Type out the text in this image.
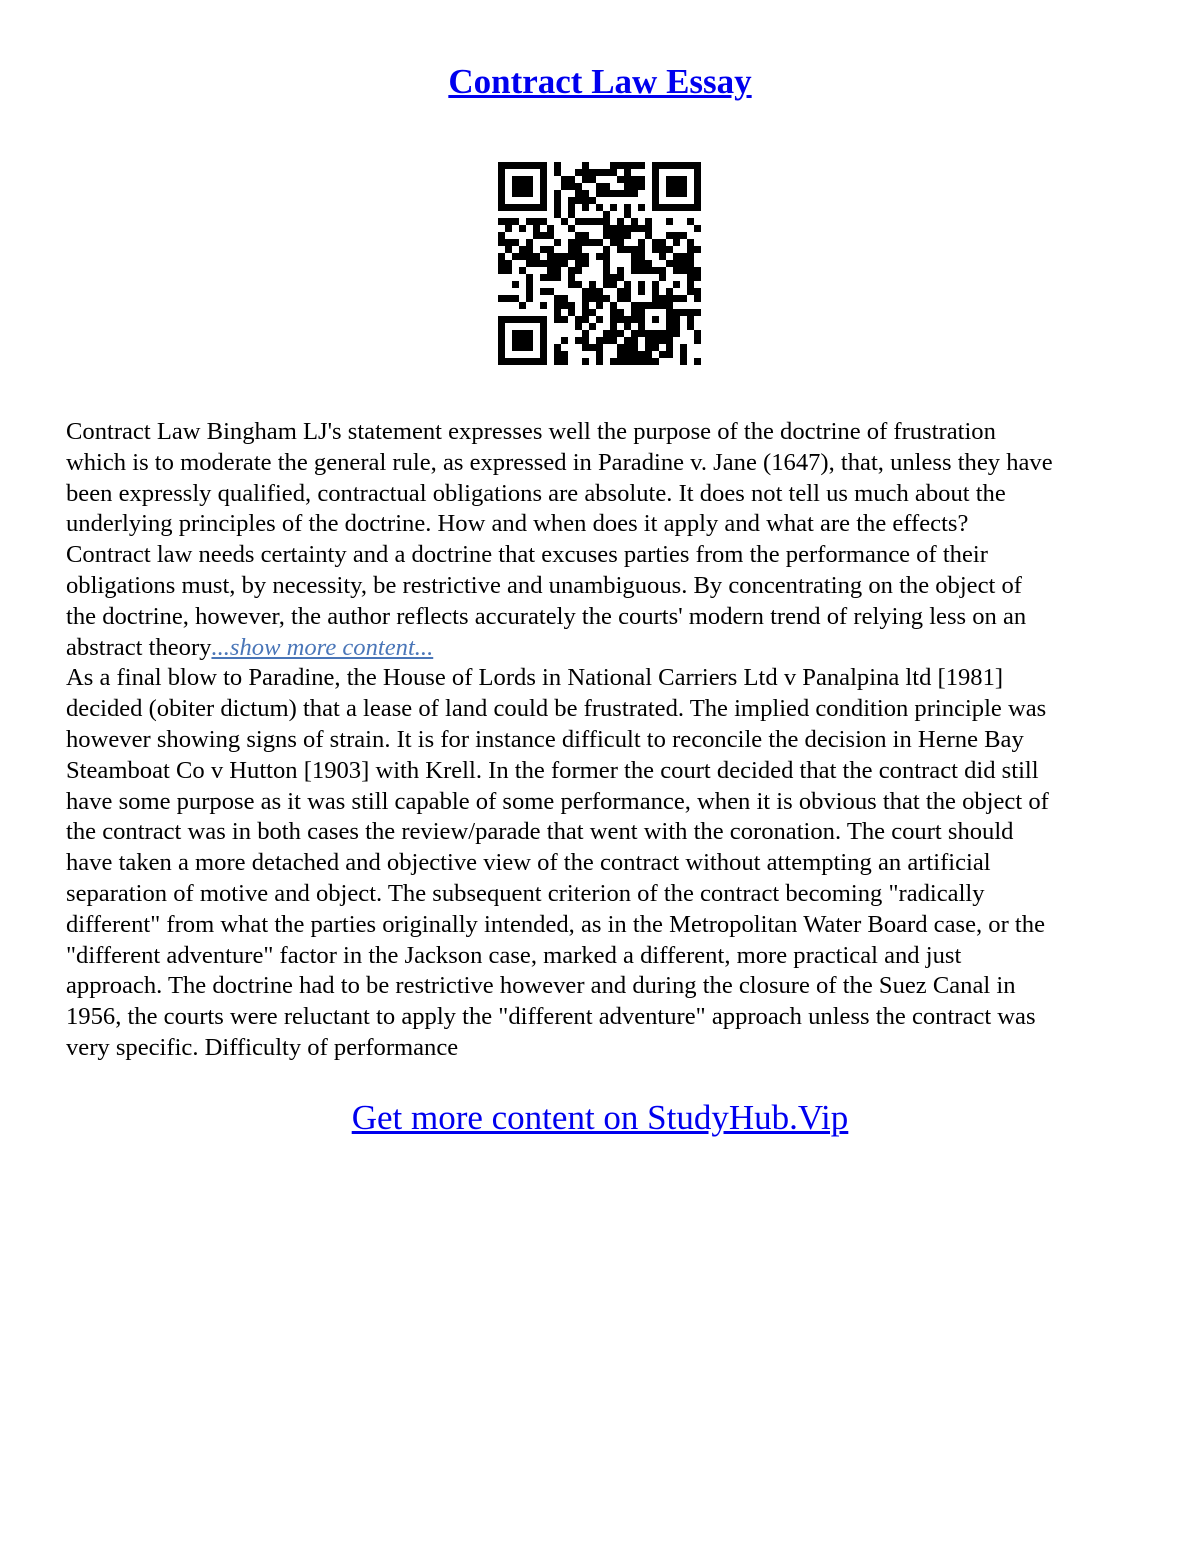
Contract Law Essay
Contract Law Bingham LJ's statement expresses well the purpose of the doctrine of frustration
which is to moderate the general rule, as expressed in Paradine v. Jane (1647), that, unless they have
been expressly qualified, contractual obligations are absolute. It does not tell us much about the
underlying principles of the doctrine. How and when does it apply and what are the effects?
Contract law needs certainty and a doctrine that excuses parties from the performance of their
obligations must, by necessity, be restrictive and unambiguous. By concentrating on the object of
the doctrine, however, the author reflects accurately the courts' modern trend of relying less on an
abstract theory...show more content...
As a final blow to Paradine, the House of Lords in National Carriers Ltd v Panalpina ltd [1981]
decided (obiter dictum) that a lease of land could be frustrated. The implied condition principle was
however showing signs of strain. It is for instance difficult to reconcile the decision in Herne Bay
Steamboat Co v Hutton [1903] with Krell. In the former the court decided that the contract did still
have some purpose as it was still capable of some performance, when it is obvious that the object of
the contract was in both cases the review/parade that went with the coronation. The court should
have taken a more detached and objective view of the contract without attempting an artificial
separation of motive and object. The subsequent criterion of the contract becoming "radically
different" from what the parties originally intended, as in the Metropolitan Water Board case, or the
"different adventure" factor in the Jackson case, marked a different, more practical and just
approach. The doctrine had to be restrictive however and during the closure of the Suez Canal in
1956, the courts were reluctant to apply the "different adventure" approach unless the contract was
very specific. Difficulty of performance
Get more content on StudyHub.Vip
